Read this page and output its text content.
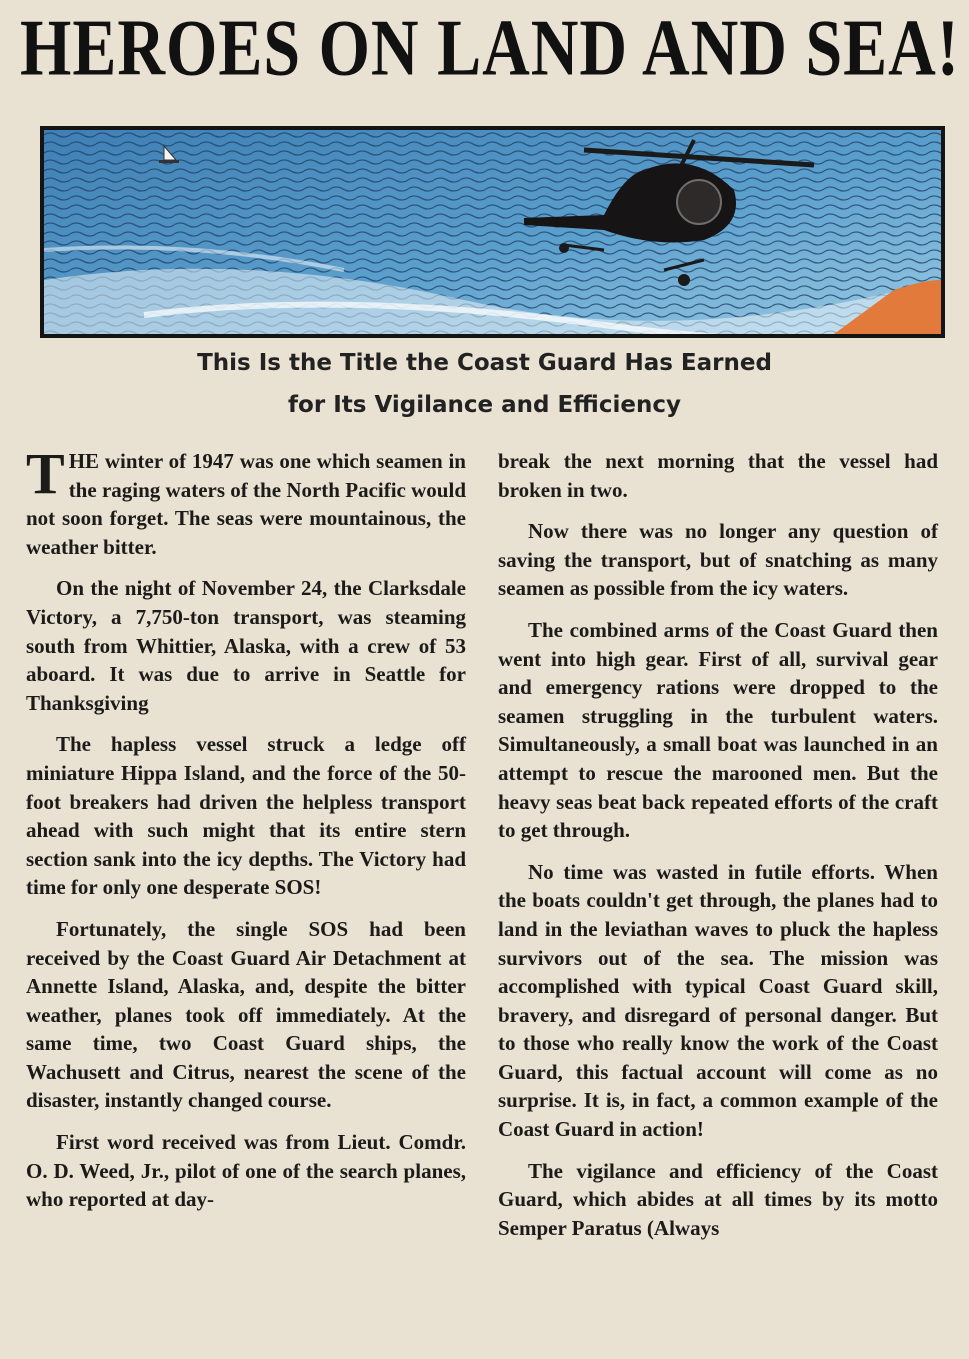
HEROES ON LAND AND SEA!
This Is the Title the Coast Guard Has Earned
for Its Vigilance and Efficiency

THE winter of 1947 was one which seamen in the raging waters of the North Pacific would not soon forget. The seas were mountainous, the weather bitter.

On the night of November 24, the Clarksdale Victory, a 7,750-ton transport, was steaming south from Whittier, Alaska, with a crew of 53 aboard. It was due to arrive in Seattle for Thanksgiving

The hapless vessel struck a ledge off miniature Hippa Island, and the force of the 50-foot breakers had driven the helpless transport ahead with such might that its entire stern section sank into the icy depths. The Victory had time for only one desperate SOS!

Fortunately, the single SOS had been received by the Coast Guard Air Detachment at Annette Island, Alaska, and, despite the bitter weather, planes took off immediately. At the same time, two Coast Guard ships, the Wachusett and Citrus, nearest the scene of the disaster, instantly changed course.

First word received was from Lieut. Comdr. O. D. Weed, Jr., pilot of one of the search planes, who reported at day-

break the next morning that the vessel had broken in two.

Now there was no longer any question of saving the transport, but of snatching as many seamen as possible from the icy waters.

The combined arms of the Coast Guard then went into high gear. First of all, survival gear and emergency rations were dropped to the seamen struggling in the turbulent waters. Simultaneously, a small boat was launched in an attempt to rescue the marooned men. But the heavy seas beat back repeated efforts of the craft to get through.

No time was wasted in futile efforts. When the boats couldn't get through, the planes had to land in the leviathan waves to pluck the hapless survivors out of the sea. The mission was accomplished with typical Coast Guard skill, bravery, and disregard of personal danger. But to those who really know the work of the Coast Guard, this factual account will come as no surprise. It is, in fact, a common example of the Coast Guard in action!

The vigilance and efficiency of the Coast Guard, which abides at all times by its motto Semper Paratus (Always
